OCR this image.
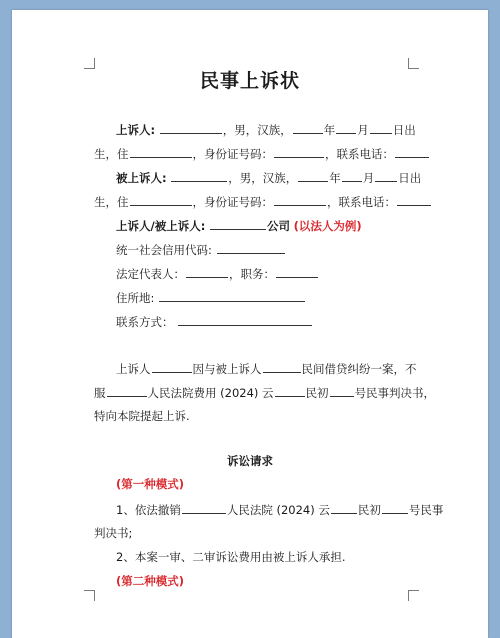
民事上诉状
上诉人:	，男，汉族，	年 月 日出
生，住	，身份证号码：	，联系电话：
被上诉人:	，男，汉族，	年 月 日出
生，住	，身份证号码：	，联系电话：
上诉人/被上诉人:	公司 (以法人为例)
统一社会信用代码:
法定代表人：	，职务：
住所地:
联系方式：
上诉人	因与被上诉人	民间借贷纠纷一案，不
服	人民法院费用 (2024) 云	民初 号民事判决书，
特向本院提起上诉.
诉讼请求
(第一种模式)
1、依法撤销	人民法院 (2024) 云 民初 号民事
判决书;
2、本案一审、二审诉讼费用由被上诉人承担.
(第二种模式)
